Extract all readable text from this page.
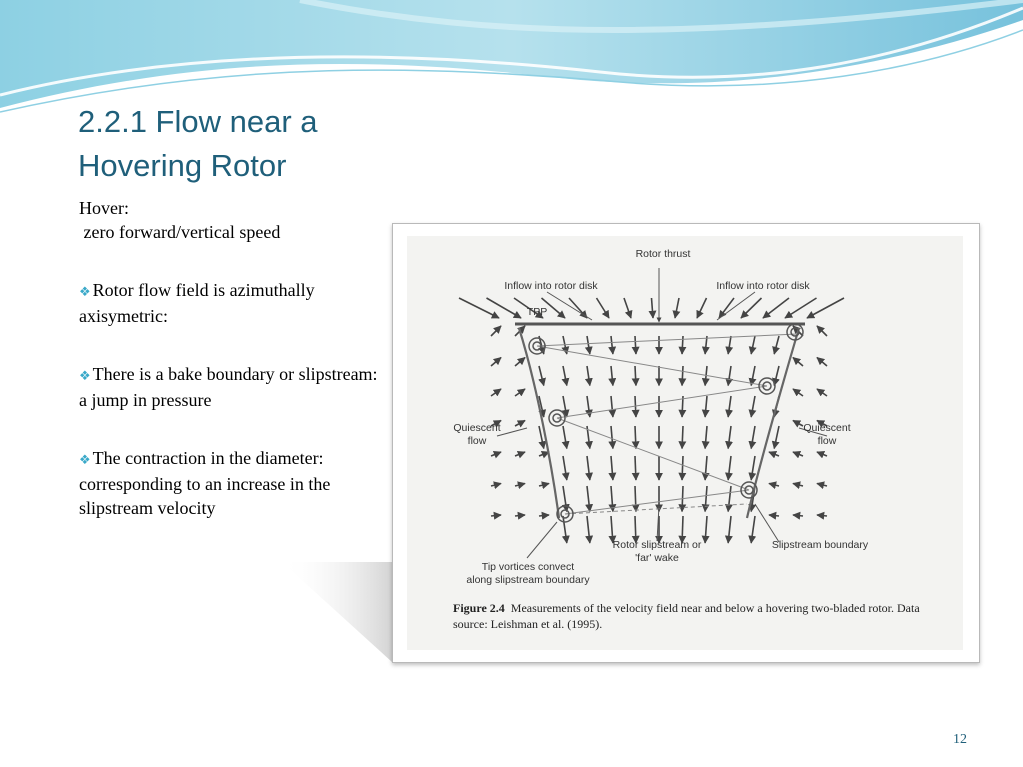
2.2.1 Flow near a
Hovering Rotor

Hover:

zero forward/vertical speed

❖ Rotor flow field is azimuthally axisymetric:

❖ There is a bake boundary or slipstream: a jump in pressure

❖ The contraction in the diameter: corresponding to an increase in the slipstream velocity

Rotor thrust
Inflow into rotor disk	Inflow into rotor disk
TPP
Quiescent
flow
Quiescent
flow
Rotor slipstream or
'far' wake
Slipstream boundary
Tip vortices convect
along slipstream boundary
Figure 2.4 Measurements of the velocity field near and below a hovering two-bladed rotor. Data source: Leishman et al. (1995).
12
